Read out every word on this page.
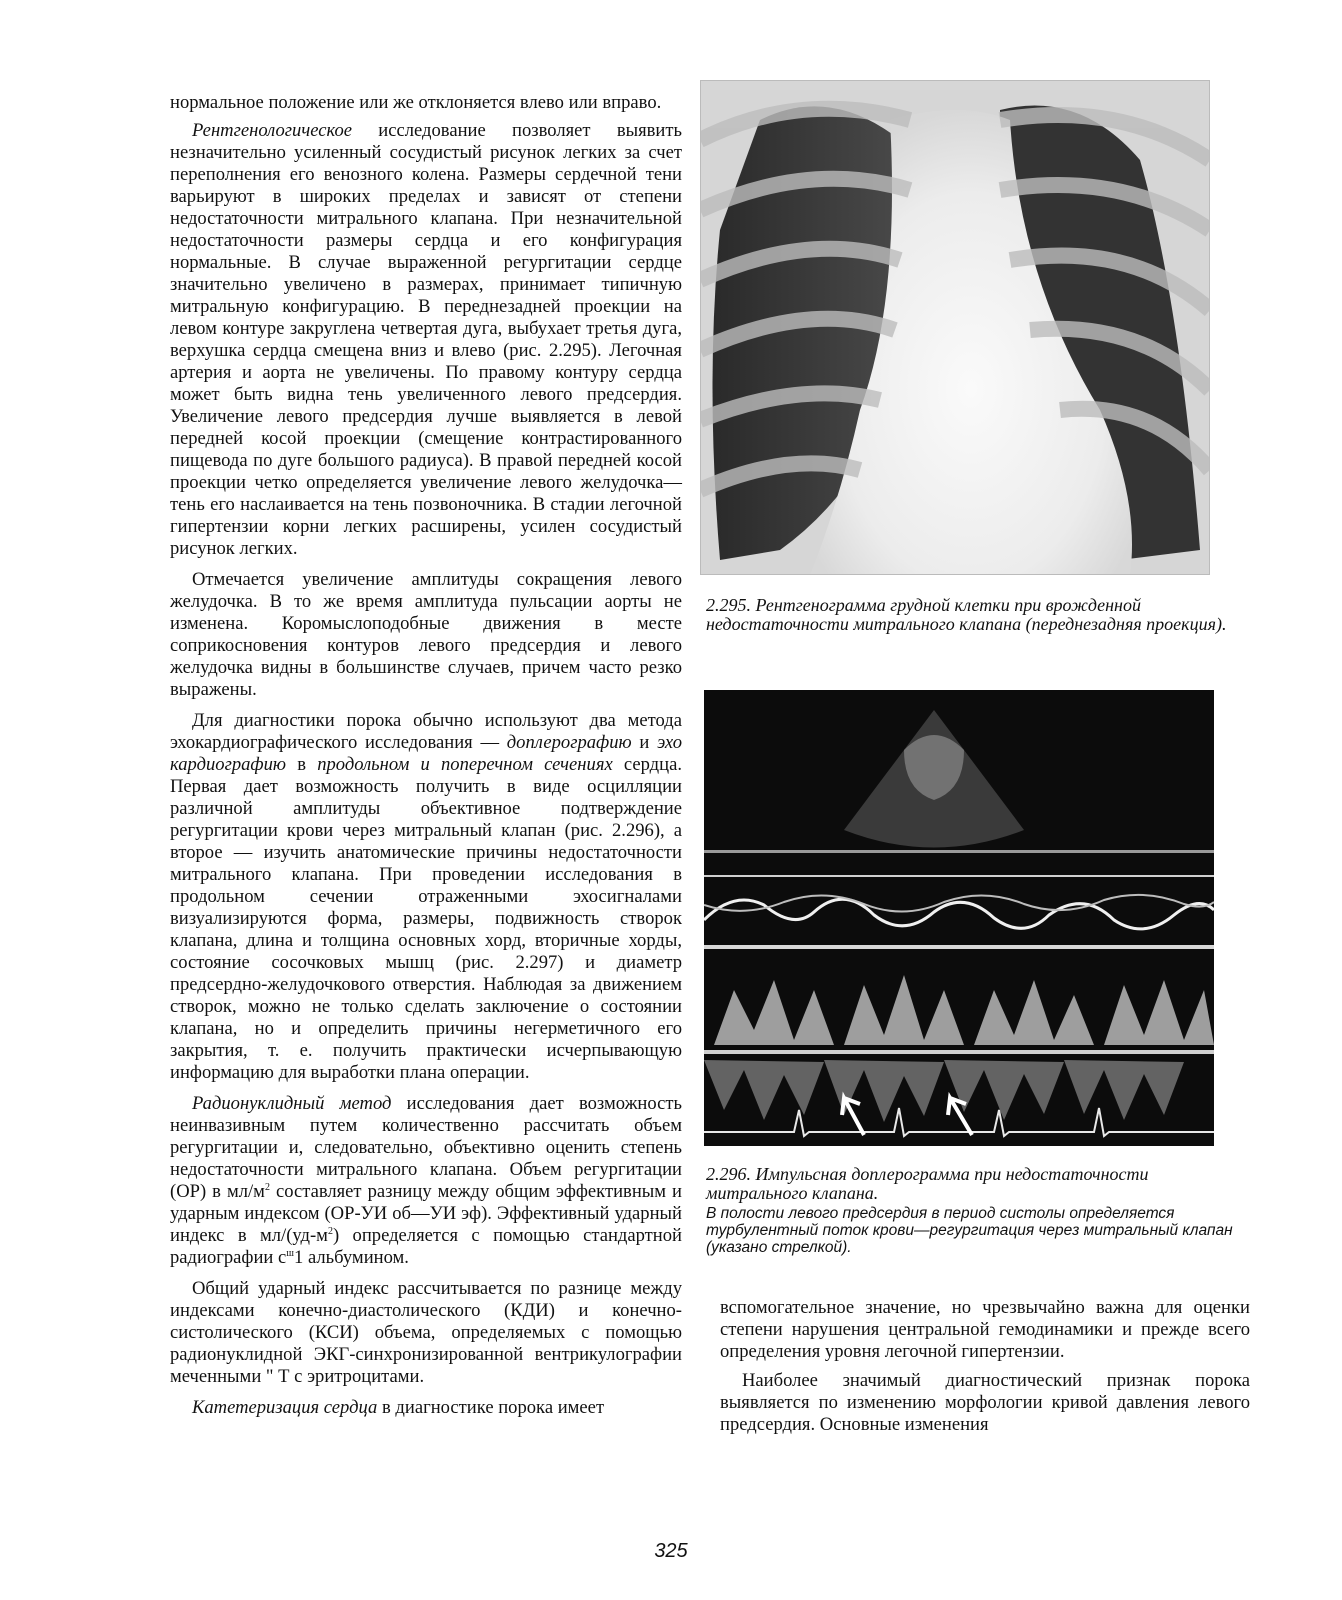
нормальное положение или же отклоняется влево или вправо.

Рентгенологическое исследование позволяет выявить незначительно усиленный сосудистый рисунок легких за счет переполнения его венозного колена. Размеры сердечной тени варьируют в широких пределах и зависят от степени недостаточности митрального клапана. При незначительной недостаточности размеры сердца и его конфигурация нормальные. В случае выраженной регургитации сердце значительно увеличено в размерах, принимает типичную митральную конфигурацию. В переднезадней проекции на левом контуре закруглена четвертая дуга, выбухает третья дуга, верхушка сердца смещена вниз и влево (рис. 2.295). Легочная артерия и аорта не увеличены. По правому контуру сердца может быть видна тень увеличенного левого предсердия. Увеличение левого предсердия лучше выявляется в левой передней косой проекции (смещение контрастированного пищевода по дуге большого радиуса). В правой передней косой проекции четко определяется увеличение левого желудочка—тень его наслаивается на тень позвоночника. В стадии легочной гипертензии корни легких расширены, усилен сосудистый рисунок легких.

Отмечается увеличение амплитуды сокращения левого желудочка. В то же время амплитуда пульсации аорты не изменена. Коромыслоподобные движения в месте соприкосновения контуров левого предсердия и левого желудочка видны в большинстве случаев, причем часто резко выражены.

Для диагностики порока обычно используют два метода эхокардиографического исследования — доплерографию и эхо кардиографию в продольном и поперечном сечениях сердца. Первая дает возможность получить в виде осцилляции различной амплитуды объективное подтверждение регургитации крови через митральный клапан (рис. 2.296), а второе — изучить анатомические причины недостаточности митрального клапана. При проведении исследования в продольном сечении отраженными эхосигналами визуализируются форма, размеры, подвижность створок клапана, длина и толщина основных хорд, вторичные хорды, состояние сосочковых мышц (рис. 2.297) и диаметр предсердно-желудочкового отверстия. Наблюдая за движением створок, можно не только сделать заключение о состоянии клапана, но и определить причины негерметичного его закрытия, т. е. получить практически исчерпывающую информацию для выработки плана операции.

Радионуклидный метод исследования дает возможность неинвазивным путем количественно рассчитать объем регургитации и, следовательно, объективно оценить степень недостаточности митрального клапана. Объем регургитации (ОР) в $мл/м^2$ составляет разницу между общим эффективным и ударным индексом (ОР-УИ об—УИ эф). Эффективный ударный индекс в $мл/(уд-м^2)$ определяется с помощью стандартной радиографии $с^ш1$ альбумином.

Общий ударный индекс рассчитывается по разнице между индексами конечно-диастолического (КДИ) и конечно-систолического (КСИ) объема, определяемых с помощью радионуклидной ЭКГ-синхронизированной вентрикулографии меченными " Т с эритроцитами.

Катетеризация сердца в диагностике порока имеет

2.295. Рентгенограмма грудной клетки при врожденной недостаточности митрального клапана (переднезадняя проекция).
2.296. Импульсная доплерограмма при недостаточности митрального клапана.
В полости левого предсердия в период систолы определяется турбулентный поток крови—регургитация через митральный клапан (указано стрелкой).

вспомогательное значение, но чрезвычайно важна для оценки степени нарушения центральной гемодинамики и прежде всего определения уровня легочной гипертензии.

Наиболее значимый диагностический признак порока выявляется по изменению морфологии кривой давления левого предсердия. Основные изменения

325
